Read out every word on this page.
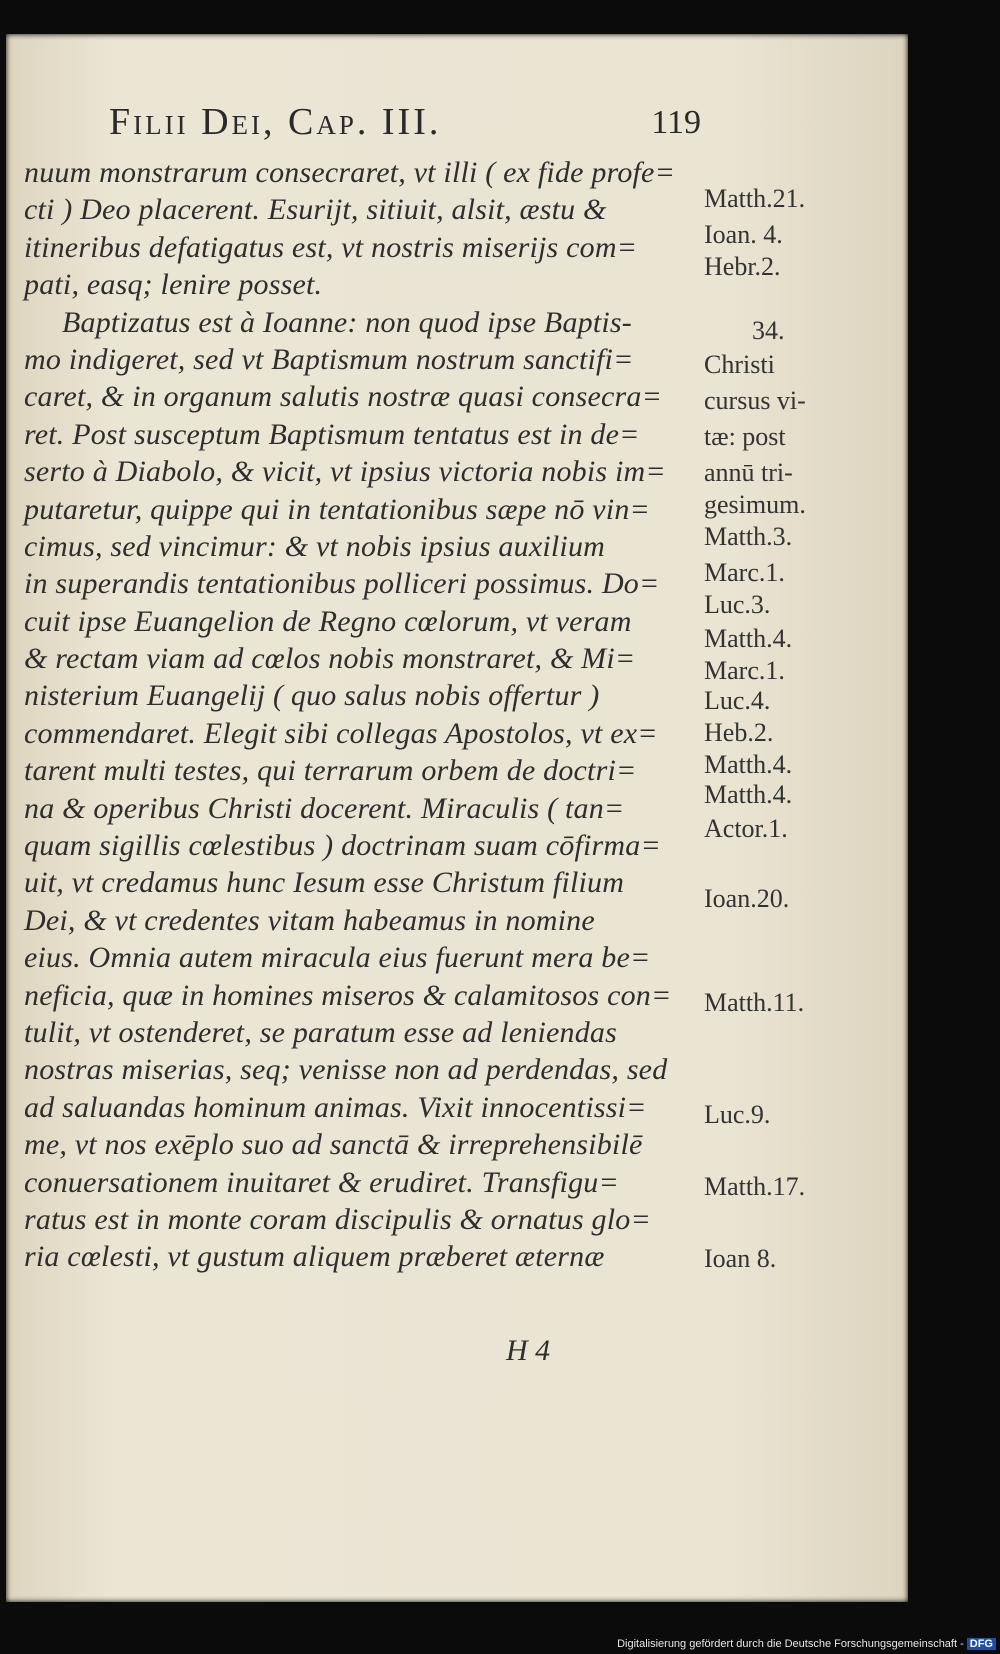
Filii Dei, Cap. III.	119
nuum monstrarum consecraret, vt illi ( ex fide profe=
cti ) Deo placerent. Esurijt, sitiuit, alsit, æstu &
itineribus defatigatus est, vt nostris miserijs com=
pati, easq; lenire posset.
Baptizatus est à Ioanne: non quod ipse Baptis-
mo indigeret, sed vt Baptismum nostrum sanctifi=
caret, & in organum salutis nostræ quasi consecra=
ret. Post susceptum Baptismum tentatus est in de=
serto à Diabolo, & vicit, vt ipsius victoria nobis im=
putaretur, quippe qui in tentationibus sæpe nō vin=
cimus, sed vincimur: & vt nobis ipsius auxilium
in superandis tentationibus polliceri possimus. Do=
cuit ipse Euangelion de Regno cœlorum, vt veram
& rectam viam ad cœlos nobis monstraret, & Mi=
nisterium Euangelij ( quo salus nobis offertur )
commendaret. Elegit sibi collegas Apostolos, vt ex=
tarent multi testes, qui terrarum orbem de doctri=
na & operibus Christi docerent. Miraculis ( tan=
quam sigillis cœlestibus ) doctrinam suam cōfirma=
uit, vt credamus hunc Iesum esse Christum filium
Dei, & vt credentes vitam habeamus in nomine
eius. Omnia autem miracula eius fuerunt mera be=
neficia, quæ in homines miseros & calamitosos con=
tulit, vt ostenderet, se paratum esse ad leniendas
nostras miserias, seq; venisse non ad perdendas, sed
ad saluandas hominum animas. Vixit innocentissi=
me, vt nos exēplo suo ad sanctā & irreprehensibilē
conuersationem inuitaret & erudiret. Transfigu=
ratus est in monte coram discipulis & ornatus glo=
ria cœlesti, vt gustum aliquem præberet æternæ
Matth.21.
Ioan. 4.
Hebr.2.
34.
Christi
cursus vi-
tæ: post
annū tri-
gesimum.
Matth.3.
Marc.1.
Luc.3.
Matth.4.
Marc.1.
Luc.4.
Heb.2.
Matth.4.
Matth.4.
Actor.1.
Ioan.20.
Matth.11.
Luc.9.
Matth.17.
Ioan 8.
H 4
Digitalisierung gefördert durch die Deutsche Forschungsgemeinschaft - DFG
